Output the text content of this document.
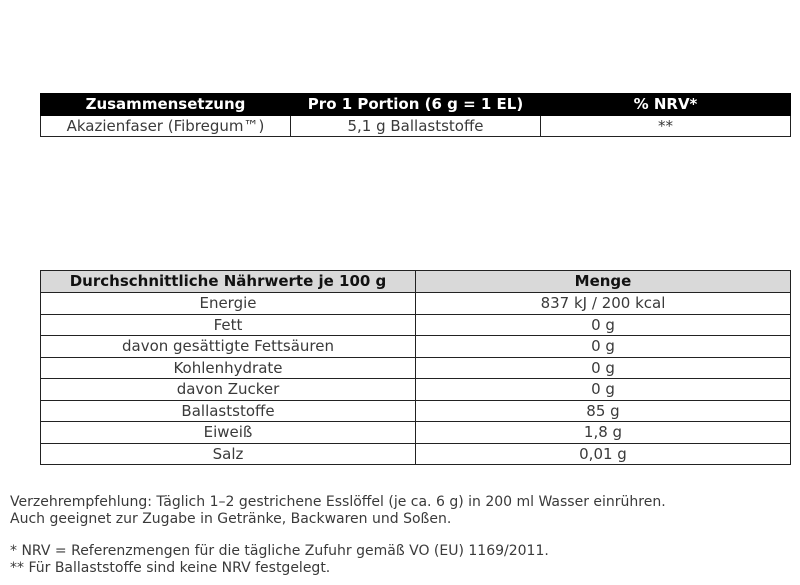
Zusammensetzung	Pro 1 Portion (6 g = 1 EL)	% NRV*
Akazienfaser (Fibregum™)	5,1 g Ballaststoffe	**
Durchschnittliche Nährwerte je 100 g	Menge
Energie	837 kJ / 200 kcal
Fett	0 g
davon gesättigte Fettsäuren	0 g
Kohlenhydrate	0 g
davon Zucker	0 g
Ballaststoffe	85 g
Eiweiß	1,8 g
Salz	0,01 g

Verzehrempfehlung: Täglich 1–2 gestrichene Esslöffel (je ca. 6 g) in 200 ml Wasser einrühren.

Auch geeignet zur Zugabe in Getränke, Backwaren und Soßen.

* NRV = Referenzmengen für die tägliche Zufuhr gemäß VO (EU) 1169/2011.

** Für Ballaststoffe sind keine NRV festgelegt.
